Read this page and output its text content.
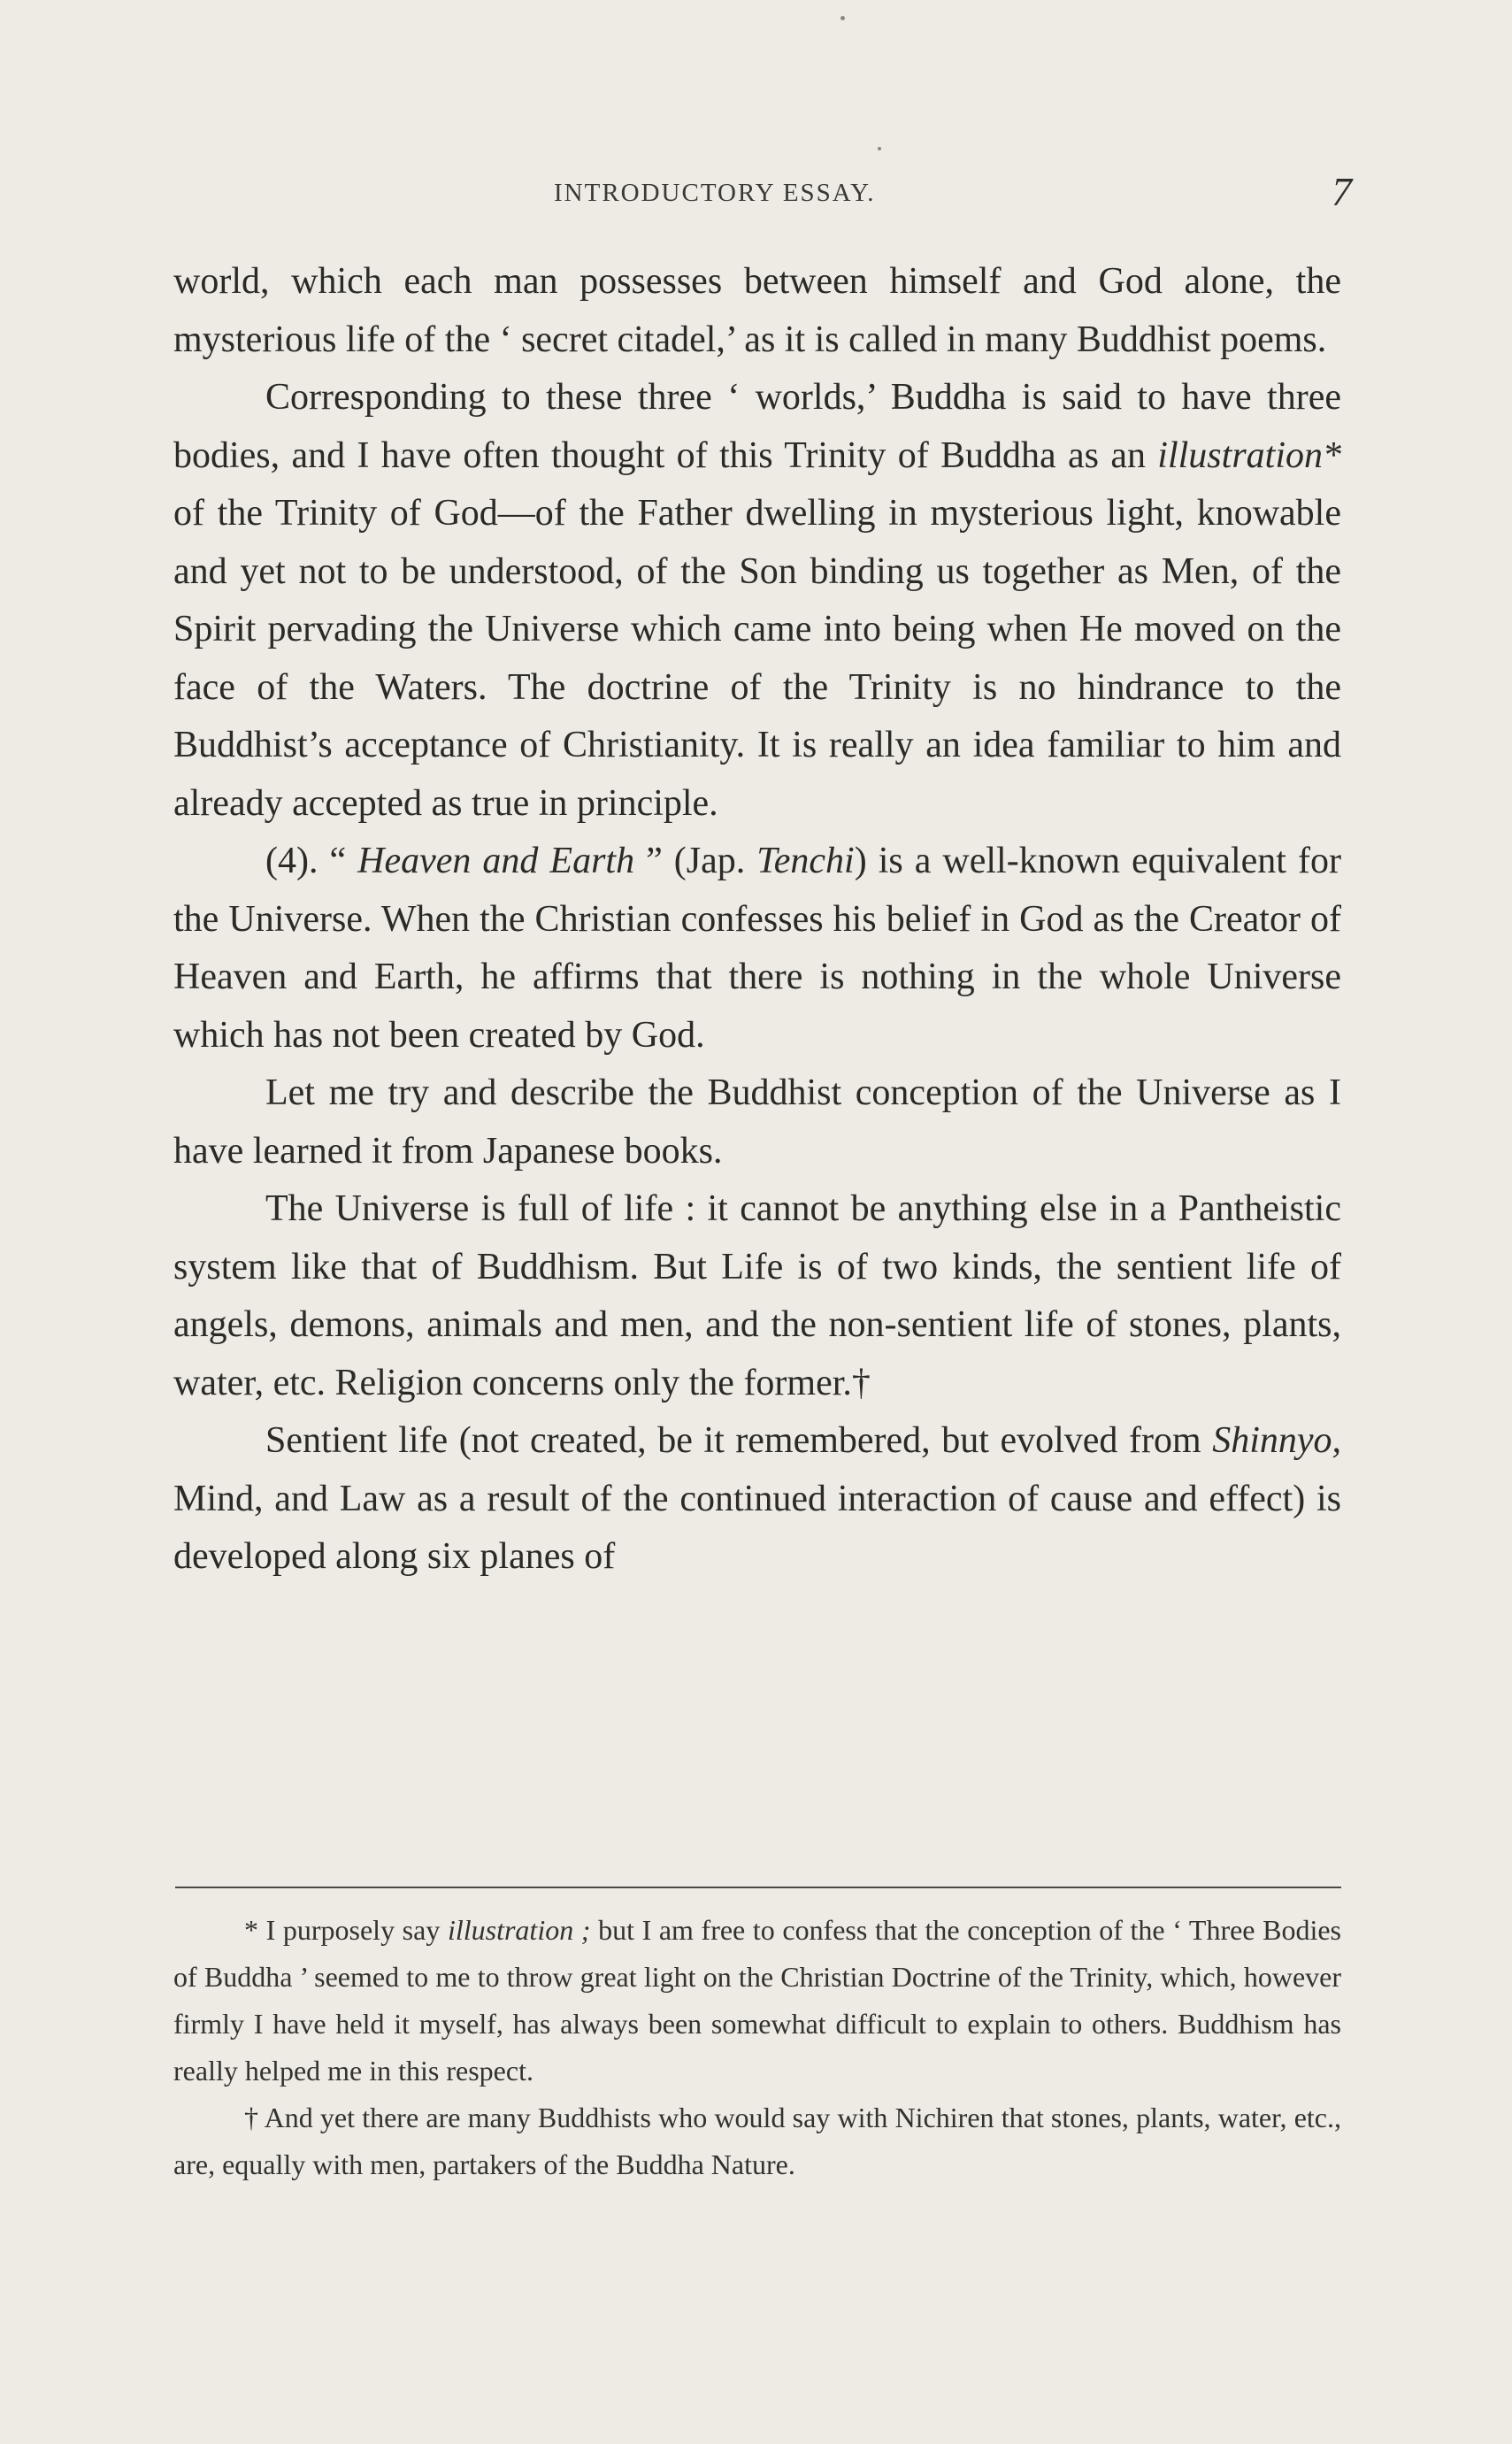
INTRODUCTORY ESSAY.	7

world, which each man possesses between himself and God alone, the mysterious life of the ‘ secret citadel,’ as it is called in many Buddhist poems.

Corresponding to these three ‘ worlds,’ Buddha is said to have three bodies, and I have often thought of this Trinity of Buddha as an illustration* of the Trinity of God—of the Father dwelling in mysterious light, knowable and yet not to be understood, of the Son binding us together as Men, of the Spirit pervading the Universe which came into being when He moved on the face of the Waters. The doctrine of the Trinity is no hindrance to the Buddhist’s acceptance of Christianity. It is really an idea familiar to him and already accepted as true in principle.

(4). “ Heaven and Earth ” (Jap. Tenchi) is a well-known equivalent for the Universe. When the Christian confesses his belief in God as the Creator of Heaven and Earth, he affirms that there is nothing in the whole Universe which has not been created by God.

Let me try and describe the Buddhist conception of the Universe as I have learned it from Japanese books.

The Universe is full of life : it cannot be anything else in a Pantheistic system like that of Buddhism. But Life is of two kinds, the sentient life of angels, demons, animals and men, and the non-sentient life of stones, plants, water, etc. Religion concerns only the former.†

Sentient life (not created, be it remembered, but evolved from Shinnyo, Mind, and Law as a result of the continued interaction of cause and effect) is developed along six planes of

* I purposely say illustration ; but I am free to confess that the conception of the ‘ Three Bodies of Buddha ’ seemed to me to throw great light on the Christian Doctrine of the Trinity, which, however firmly I have held it myself, has always been somewhat difficult to explain to others. Buddhism has really helped me in this respect.

† And yet there are many Buddhists who would say with Nichiren that stones, plants, water, etc., are, equally with men, partakers of the Buddha Nature.
